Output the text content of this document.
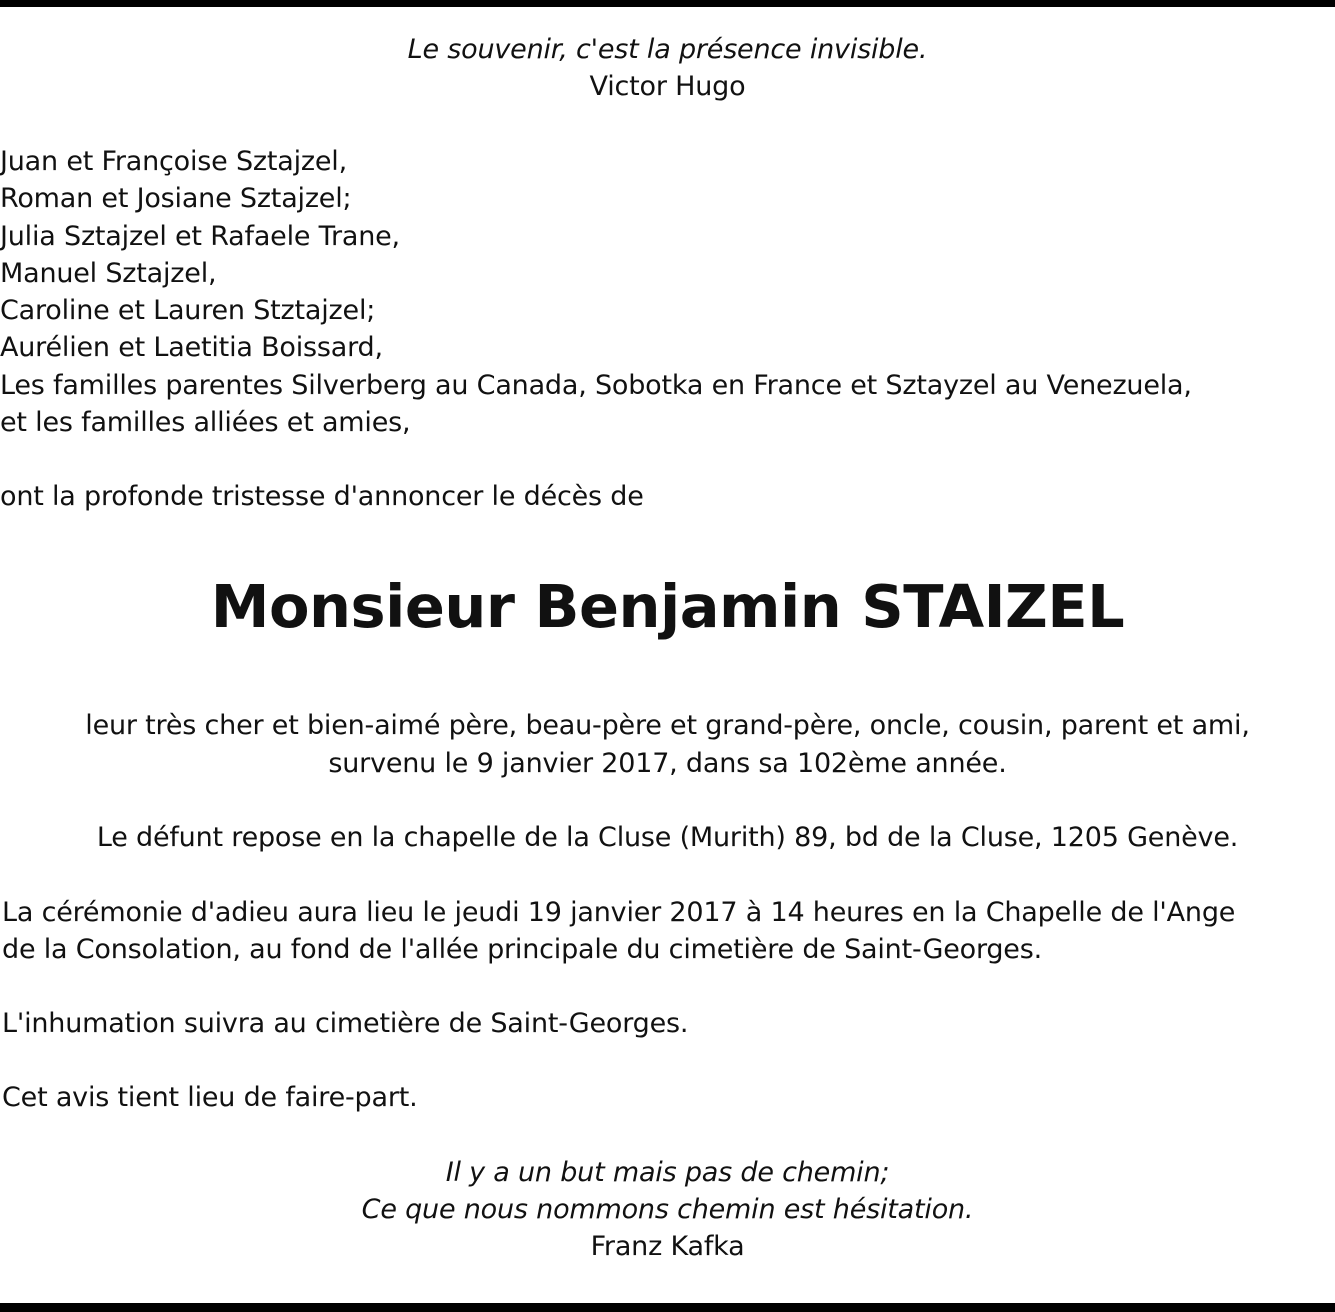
Le souvenir, c'est la présence invisible.
Victor Hugo
Juan et Françoise Sztajzel,
Roman et Josiane Sztajzel;
Julia Sztajzel et Rafaele Trane,
Manuel Sztajzel,
Caroline et Lauren Stztajzel;
Aurélien et Laetitia Boissard,
Les familles parentes Silverberg au Canada, Sobotka en France et Sztayzel au Venezuela,
et les familles alliées et amies,
ont la profonde tristesse d'annoncer le décès de
Monsieur Benjamin STAIZEL
leur très cher et bien-aimé père, beau-père et grand-père, oncle, cousin, parent et ami,
survenu le 9 janvier 2017, dans sa 102ème année.
Le défunt repose en la chapelle de la Cluse (Murith) 89, bd de la Cluse, 1205 Genève.
La cérémonie d'adieu aura lieu le jeudi 19 janvier 2017 à 14 heures en la Chapelle de l'Ange
de la Consolation, au fond de l'allée principale du cimetière de Saint-Georges.
L'inhumation suivra au cimetière de Saint-Georges.
Cet avis tient lieu de faire-part.
Il y a un but mais pas de chemin;
Ce que nous nommons chemin est hésitation.
Franz Kafka
